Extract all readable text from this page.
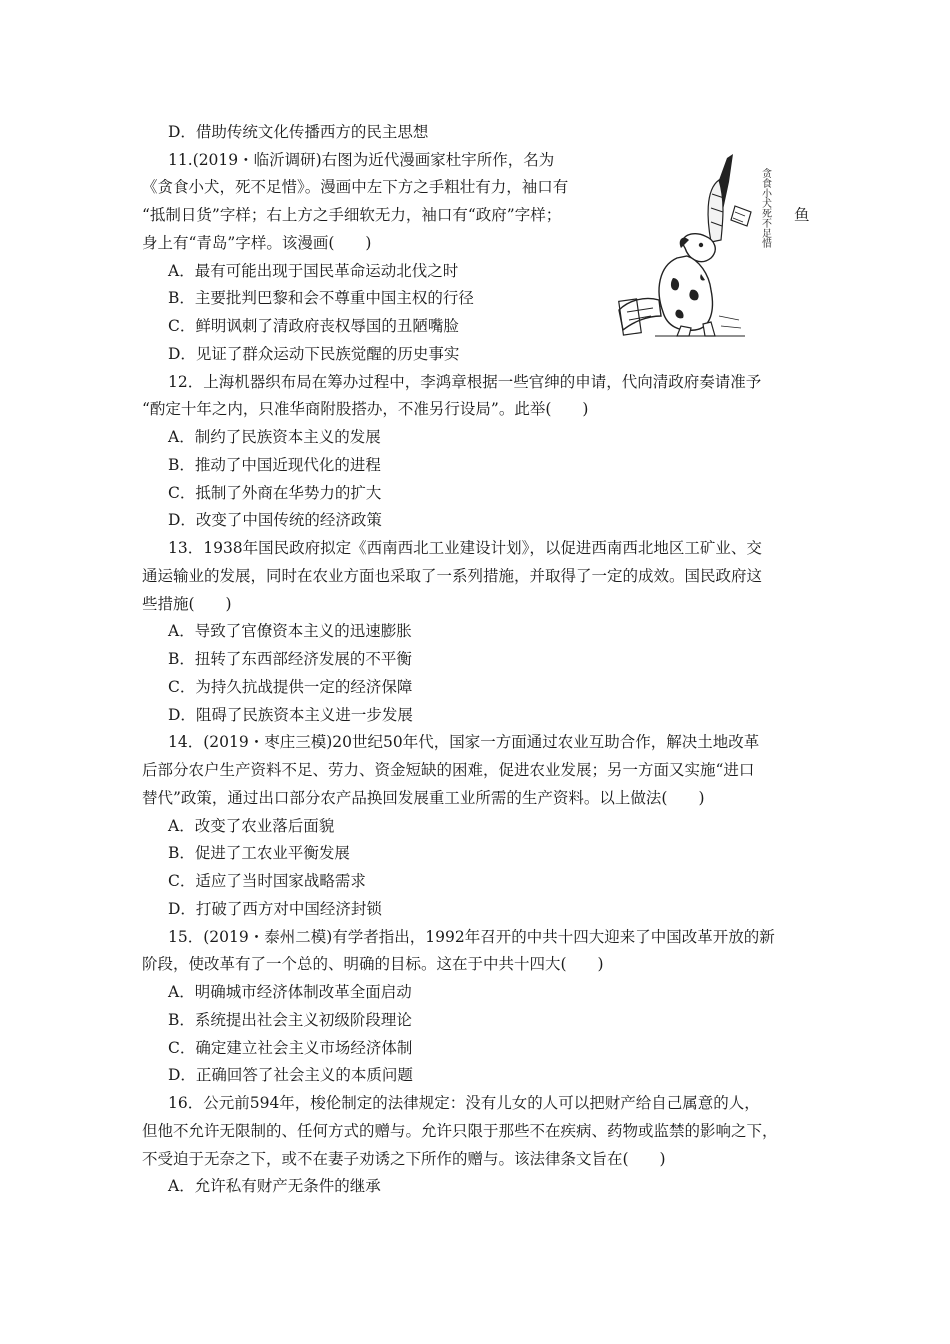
D．借助传统文化传播西方的民主思想
11.(2019・临沂调研)右图为近代漫画家杜宇所作，名为
《贪食小犬，死不足惜》。漫画中左下方之手粗壮有力，袖口有
“抵制日货”字样；右上方之手细软无力，袖口有“政府”字样；	鱼
身上有“青岛”字样。该漫画(　　)
A．最有可能出现于国民革命运动北伐之时
B．主要批判巴黎和会不尊重中国主权的行径
C．鲜明讽刺了清政府丧权辱国的丑陋嘴脸
D．见证了群众运动下民族觉醒的历史事实
贪食小犬死不足惜
12．上海机器织布局在筹办过程中，李鸿章根据一些官绅的申请，代向清政府奏请准予
“酌定十年之内，只准华商附股搭办，不准另行设局”。此举(　　)
A．制约了民族资本主义的发展
B．推动了中国近现代化的进程
C．抵制了外商在华势力的扩大
D．改变了中国传统的经济政策
13．1938年国民政府拟定《西南西北工业建设计划》，以促进西南西北地区工矿业、交
通运输业的发展，同时在农业方面也采取了一系列措施，并取得了一定的成效。国民政府这
些措施(　　)
A．导致了官僚资本主义的迅速膨胀
B．扭转了东西部经济发展的不平衡
C．为持久抗战提供一定的经济保障
D．阻碍了民族资本主义进一步发展
14．(2019・枣庄三模)20世纪50年代，国家一方面通过农业互助合作，解决土地改革
后部分农户生产资料不足、劳力、资金短缺的困难，促进农业发展；另一方面又实施“进口
替代”政策，通过出口部分农产品换回发展重工业所需的生产资料。以上做法(　　)
A．改变了农业落后面貌
B．促进了工农业平衡发展
C．适应了当时国家战略需求
D．打破了西方对中国经济封锁
15．(2019・泰州二模)有学者指出，1992年召开的中共十四大迎来了中国改革开放的新
阶段，使改革有了一个总的、明确的目标。这在于中共十四大(　　)
A．明确城市经济体制改革全面启动
B．系统提出社会主义初级阶段理论
C．确定建立社会主义市场经济体制
D．正确回答了社会主义的本质问题
16．公元前594年，梭伦制定的法律规定：没有儿女的人可以把财产给自己属意的人，
但他不允许无限制的、任何方式的赠与。允许只限于那些不在疾病、药物或监禁的影响之下，
不受迫于无奈之下，或不在妻子劝诱之下所作的赠与。该法律条文旨在(　　)
A．允许私有财产无条件的继承
